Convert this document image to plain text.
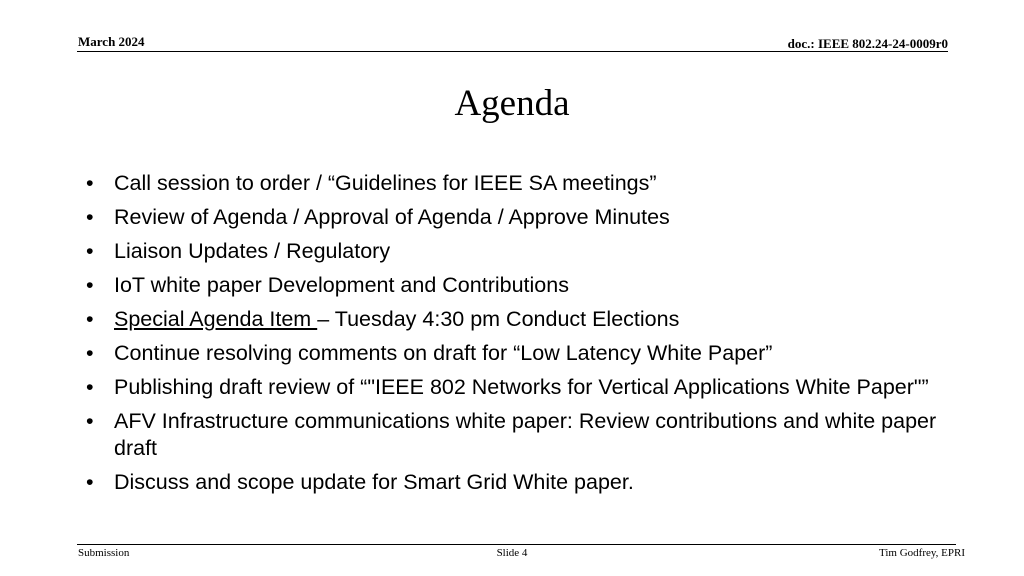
March 2024	doc.: IEEE 802.24-24-0009r0
Agenda
• Call session to order / “Guidelines for IEEE SA meetings”
• Review of Agenda / Approval of Agenda / Approve Minutes
• Liaison Updates / Regulatory
• IoT white paper Development and Contributions
• Special Agenda Item – Tuesday 4:30 pm Conduct Elections
• Continue resolving comments on draft for “Low Latency White Paper”
• Publishing draft review of “"IEEE 802 Networks for Vertical Applications White Paper"”
• AFV Infrastructure communications white paper: Review contributions and white paper draft
• Discuss and scope update for Smart Grid White paper.
Submission	Slide 4	Tim Godfrey, EPRI
